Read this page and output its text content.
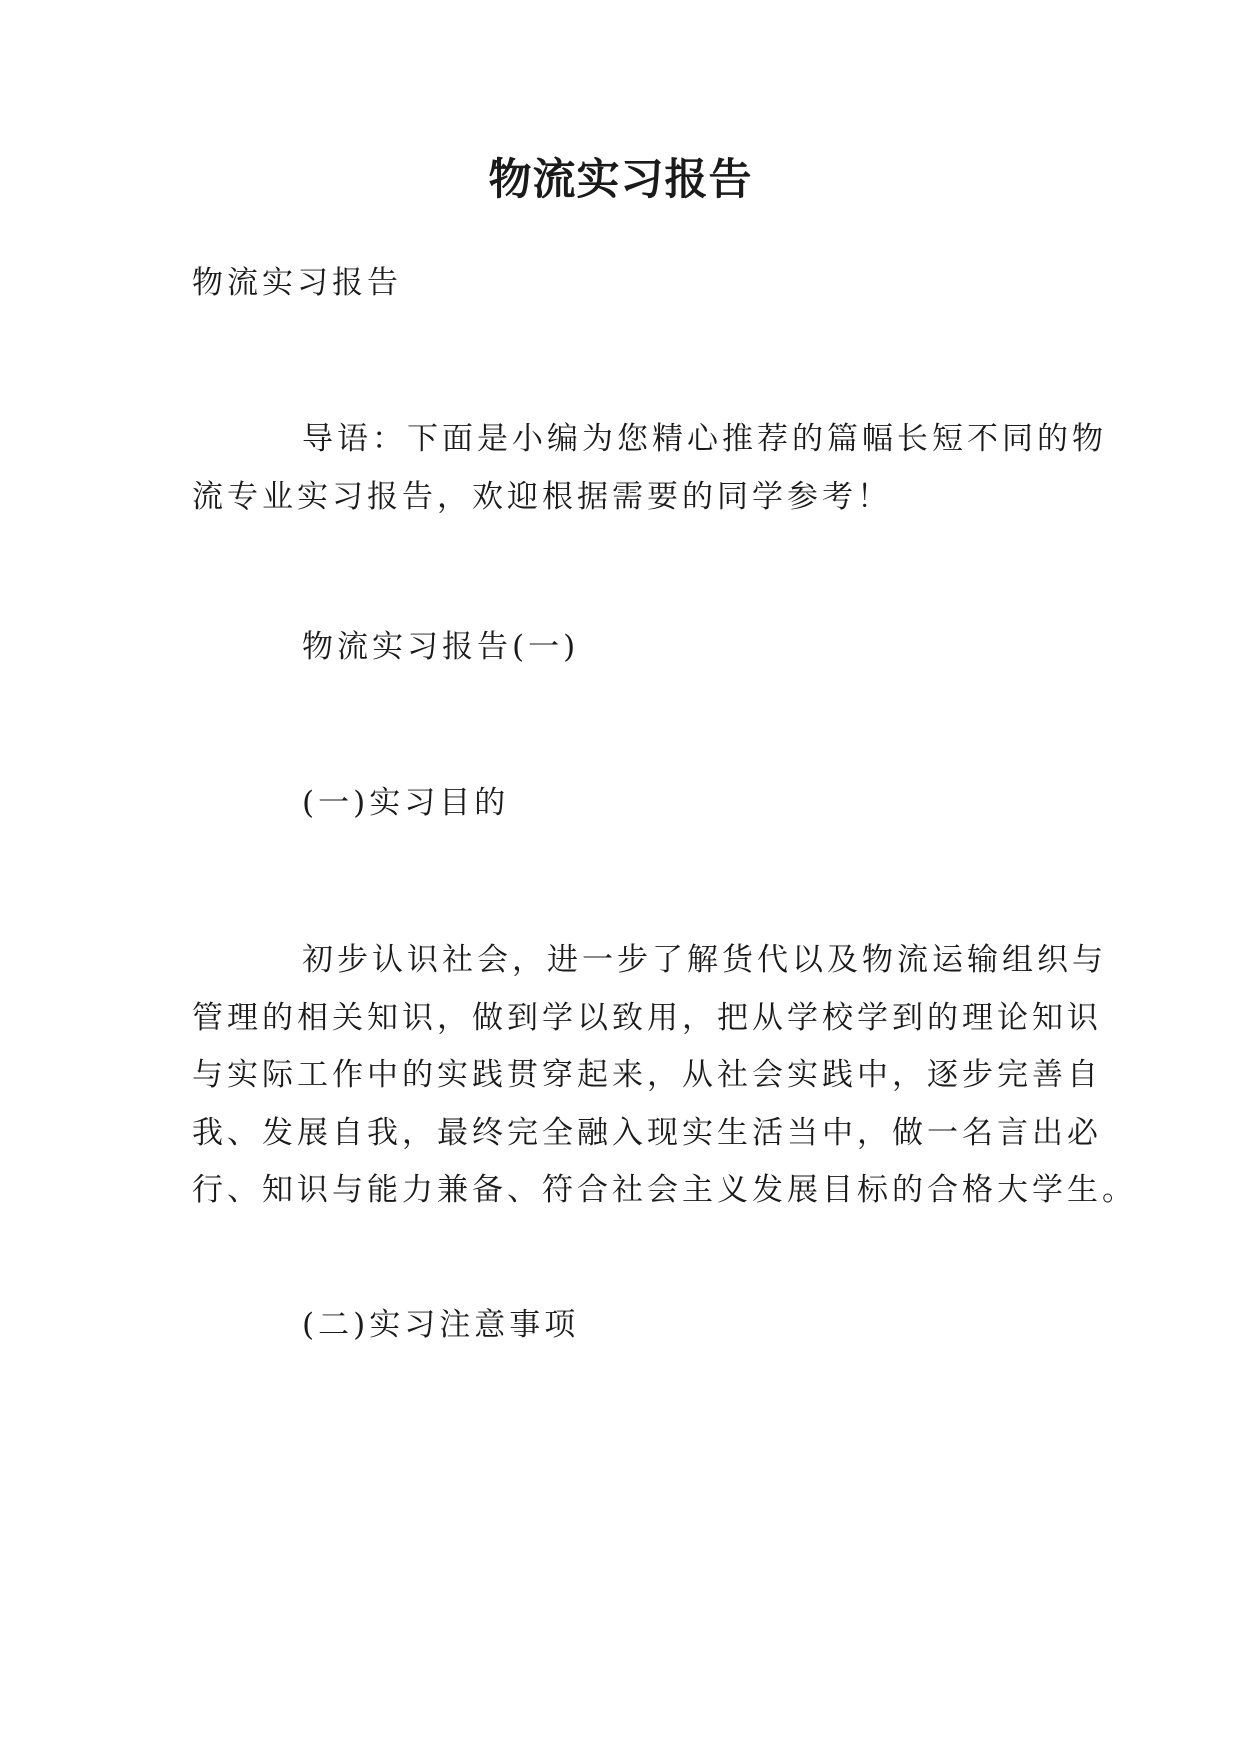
物流实习报告
物流实习报告
导语：下面是小编为您精心推荐的篇幅长短不同的物
流专业实习报告，欢迎根据需要的同学参考！
物流实习报告(一)
(一)实习目的
初步认识社会，进一步了解货代以及物流运输组织与
管理的相关知识，做到学以致用，把从学校学到的理论知识
与实际工作中的实践贯穿起来，从社会实践中，逐步完善自
我、发展自我，最终完全融入现实生活当中，做一名言出必
行、知识与能力兼备、符合社会主义发展目标的合格大学生。
(二)实习注意事项
